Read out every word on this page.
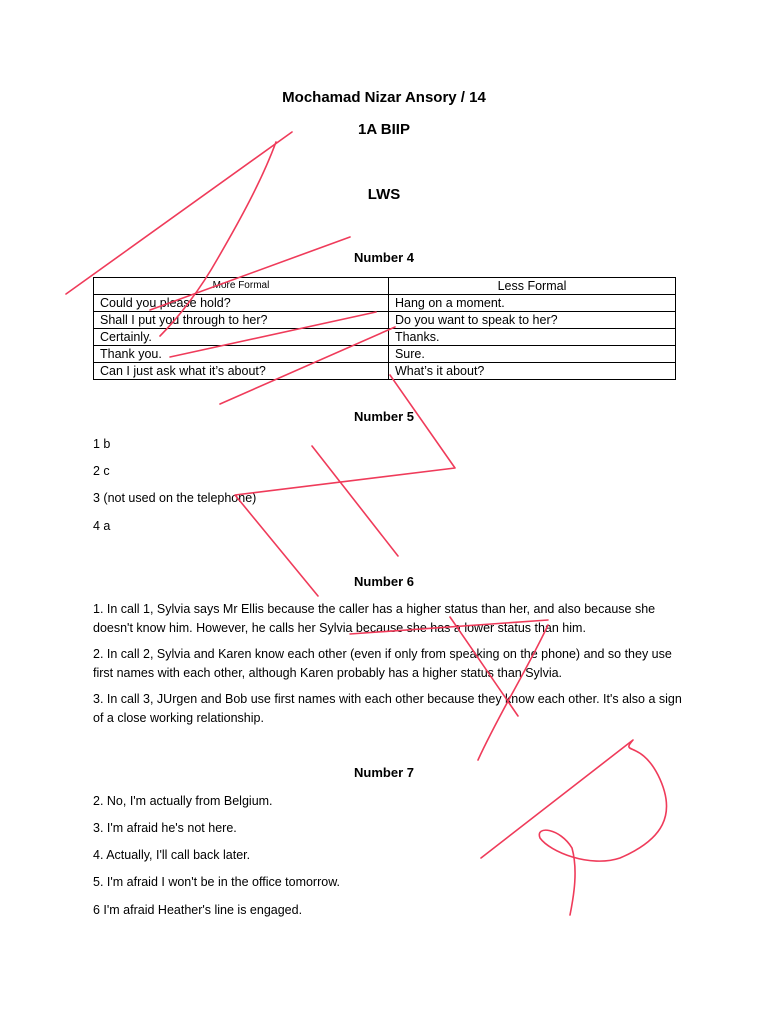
Mochamad Nizar Ansory / 14
1A BIIP
LWS
Number 4
More Formal	Less Formal
Could you please hold?	Hang on a moment.
Shall I put you through to her?	Do you want to speak to her?
Certainly.	Thanks.
Thank you.	Sure.
Can I just ask what it’s about?	What’s it about?
Number 5
1 b
2 c
3 (not used on the telephone)
4 a
Number 6
1. In call 1, Sylvia says Mr Ellis because the caller has a higher status than her, and also because she doesn't know him. However, he calls her Sylvia because she has a lower status than him.
2. In call 2, Sylvia and Karen know each other (even if only from speaking on the phone) and so they use first names with each other, although Karen probably has a higher status than Sylvia.
3. In call 3, JUrgen and Bob use first names with each other because they know each other. It's also a sign of a close working relationship.
Number 7
2. No, I'm actually from Belgium.
3. I'm afraid he's not here.
4. Actually, I'll call back later.
5. I'm afraid I won't be in the office tomorrow.
6 I'm afraid Heather's line is engaged.
